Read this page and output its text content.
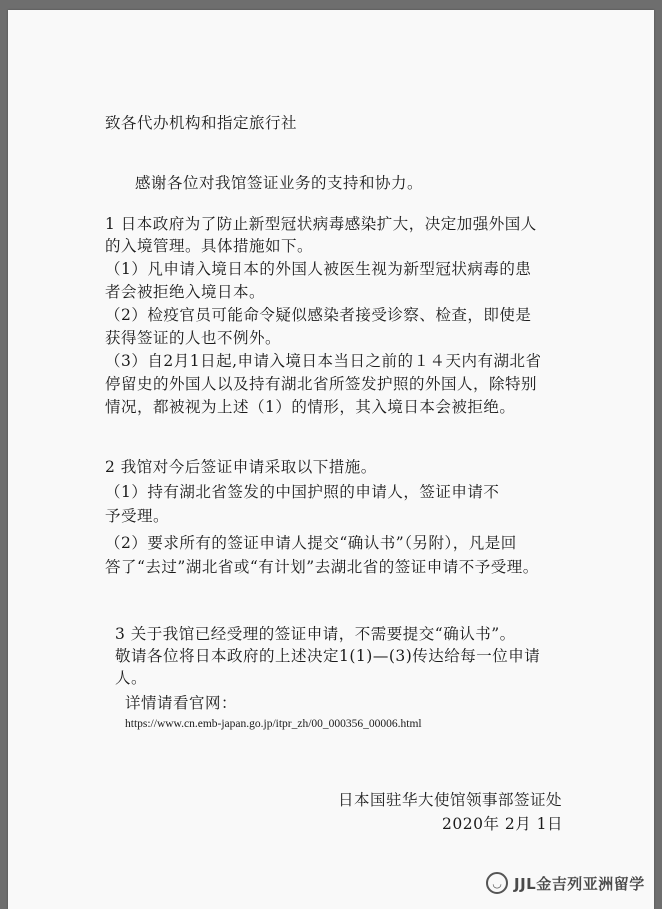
致各代办机构和指定旅行社
感谢各位对我馆签证业务的支持和协力。
1 日本政府为了防止新型冠状病毒感染扩大，决定加强外国人
的入境管理。具体措施如下。
（1）凡申请入境日本的外国人被医生视为新型冠状病毒的患
者会被拒绝入境日本。
（2）检疫官员可能命令疑似感染者接受诊察、检查，即使是
获得签证的人也不例外。
（3）自2月1日起,申请入境日本当日之前的１４天内有湖北省
停留史的外国人以及持有湖北省所签发护照的外国人，除特别
情况，都被视为上述（1）的情形，其入境日本会被拒绝。
2 我馆对今后签证申请采取以下措施。
（1）持有湖北省签发的中国护照的申请人，签证申请不
予受理。
（2）要求所有的签证申请人提交“确认书”（另附），凡是回
答了“去过”湖北省或“有计划”去湖北省的签证申请不予受理。
3 关于我馆已经受理的签证申请，不需要提交“确认书”。
敬请各位将日本政府的上述决定1(1)—(3)传达给每一位申请
人。
详情请看官网：
https://www.cn.emb-japan.go.jp/itpr_zh/00_000356_00006.html
日本国驻华大使馆领事部签证处
2020年 2月 1日
◡ JJL金吉列亚洲留学
